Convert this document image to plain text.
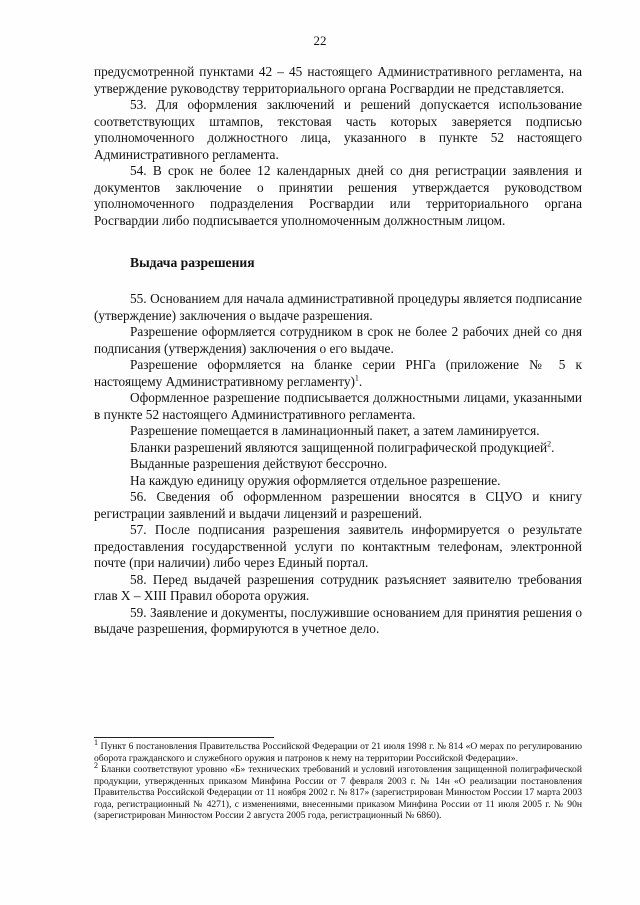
22

предусмотренной пунктами 42 – 45 настоящего Административного регламента, на утверждение руководству территориального органа Росгвардии не представляется.

53. Для оформления заключений и решений допускается использование соответствующих штампов, текстовая часть которых заверяется подписью уполномоченного должностного лица, указанного в пункте 52 настоящего Административного регламента.

54. В срок не более 12 календарных дней со дня регистрации заявления и документов заключение о принятии решения утверждается руководством уполномоченного подразделения Росгвардии или территориального органа Росгвардии либо подписывается уполномоченным должностным лицом.

Выдача разрешения

55. Основанием для начала административной процедуры является подписание (утверждение) заключения о выдаче разрешения.

Разрешение оформляется сотрудником в срок не более 2 рабочих дней со дня подписания (утверждения) заключения о его выдаче.

Разрешение оформляется на бланке серии РНГа (приложение № 5 к настоящему Административному регламенту)$^1$.

Оформленное разрешение подписывается должностными лицами, указанными в пункте 52 настоящего Административного регламента.

Разрешение помещается в ламинационный пакет, а затем ламинируется.

Бланки разрешений являются защищенной полиграфической продукцией$^2$.

Выданные разрешения действуют бессрочно.

На каждую единицу оружия оформляется отдельное разрешение.

56. Сведения об оформленном разрешении вносятся в СЦУО и книгу регистрации заявлений и выдачи лицензий и разрешений.

57. После подписания разрешения заявитель информируется о результате предоставления государственной услуги по контактным телефонам, электронной почте (при наличии) либо через Единый портал.

58. Перед выдачей разрешения сотрудник разъясняет заявителю требования глав X – XIII Правил оборота оружия.

59. Заявление и документы, послужившие основанием для принятия решения о выдаче разрешения, формируются в учетное дело.

$^1$ Пункт 6 постановления Правительства Российской Федерации от 21 июля 1998 г. № 814 «О мерах по регулированию оборота гражданского и служебного оружия и патронов к нему на территории Российской Федерации».

$^2$ Бланки соответствуют уровню «Б» технических требований и условий изготовления защищенной полиграфической продукции, утвержденных приказом Минфина России от 7 февраля 2003 г. № 14н «О реализации постановления Правительства Российской Федерации от 11 ноября 2002 г. № 817» (зарегистрирован Минюстом России 17 марта 2003 года, регистрационный № 4271), с изменениями, внесенными приказом Минфина России от 11 июля 2005 г. № 90н (зарегистрирован Минюстом России 2 августа 2005 года, регистрационный № 6860).
